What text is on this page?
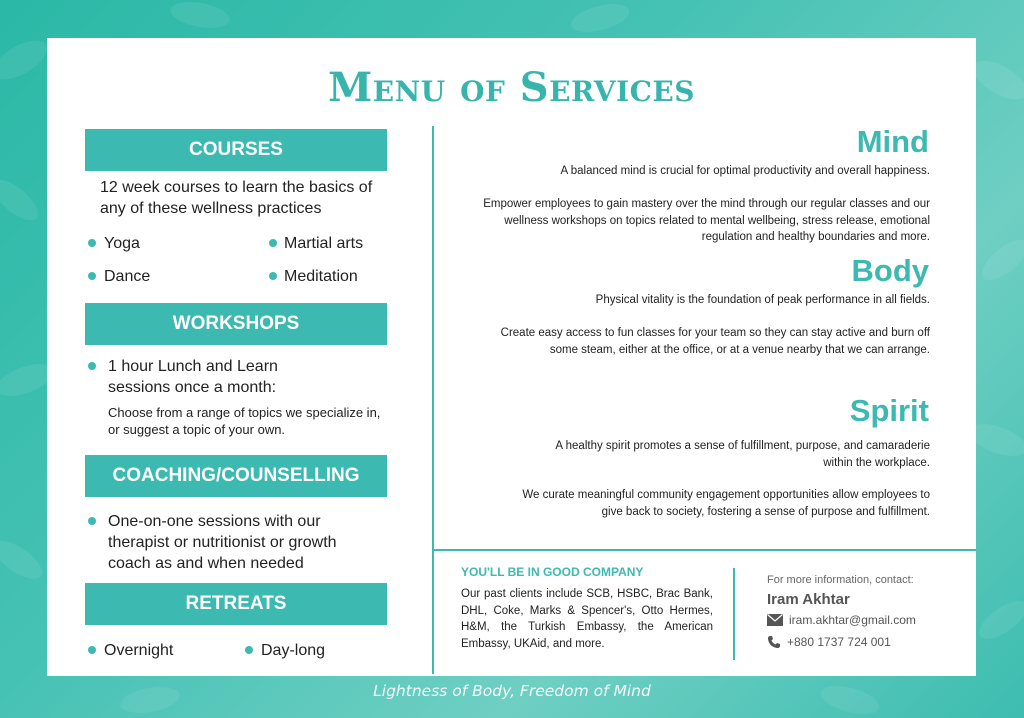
Menu of Services
COURSES
12 week courses to learn the basics of any of these wellness practices
Yoga	Martial arts
Dance	Meditation
WORKSHOPS
1 hour Lunch and Learn sessions once a month:
Choose from a range of topics we specialize in, or suggest a topic of your own.
COACHING/COUNSELLING
One-on-one sessions with our therapist or nutritionist or growth coach as and when needed
RETREATS
Overnight	Day-long
Mind
A balanced mind is crucial for optimal productivity and overall happiness.
Empower employees to gain mastery over the mind through our regular classes and our wellness workshops on topics related to mental wellbeing, stress release, emotional regulation and healthy boundaries and more.
Body
Physical vitality is the foundation of peak performance in all fields.
Create easy access to fun classes for your team so they can stay active and burn off some steam, either at the office, or at a venue nearby that we can arrange.
Spirit
A healthy spirit promotes a sense of fulfillment, purpose, and camaraderie within the workplace.
We curate meaningful community engagement opportunities allow employees to give back to society, fostering a sense of purpose and fulfillment.
YOU'LL BE IN GOOD COMPANY
Our past clients include SCB, HSBC, Brac Bank, DHL, Coke, Marks & Spencer's, Otto Hermes, H&M, the Turkish Embassy, the American Embassy, UKAid, and more.
For more information, contact:
Iram Akhtar
iram.akhtar@gmail.com
+880 1737 724 001
Lightness of Body, Freedom of Mind
